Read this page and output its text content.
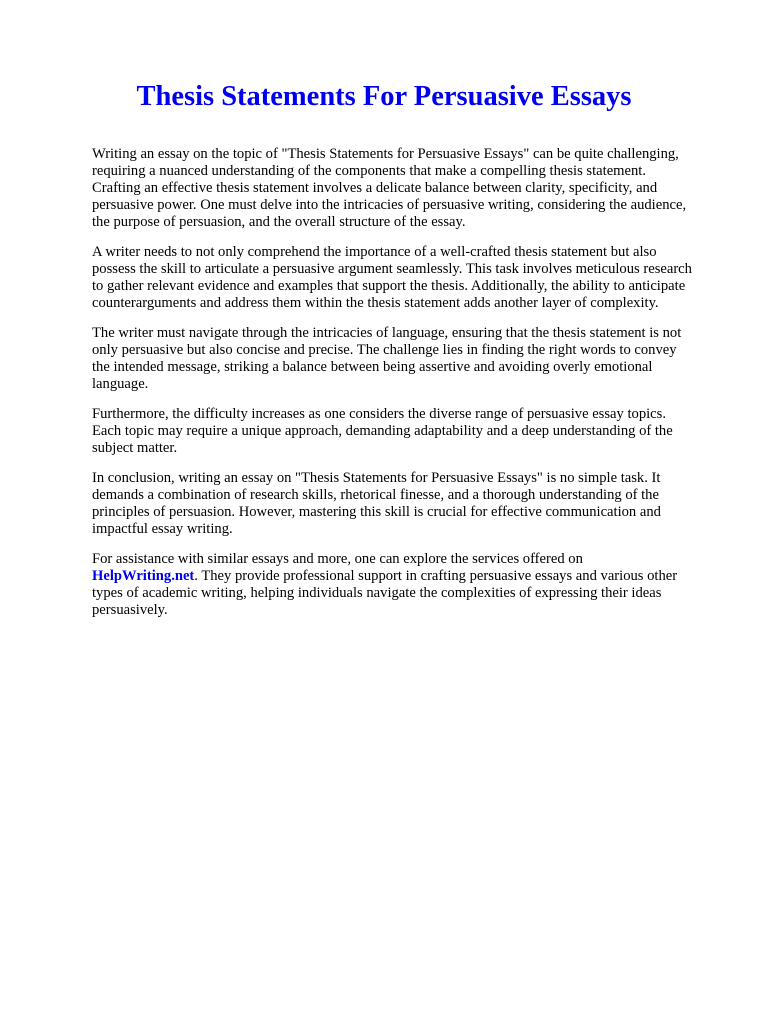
Thesis Statements For Persuasive Essays

Writing an essay on the topic of "Thesis Statements for Persuasive Essays" can be quite challenging,
requiring a nuanced understanding of the components that make a compelling thesis statement.
Crafting an effective thesis statement involves a delicate balance between clarity, specificity, and
persuasive power. One must delve into the intricacies of persuasive writing, considering the audience,
the purpose of persuasion, and the overall structure of the essay.

A writer needs to not only comprehend the importance of a well-crafted thesis statement but also
possess the skill to articulate a persuasive argument seamlessly. This task involves meticulous research
to gather relevant evidence and examples that support the thesis. Additionally, the ability to anticipate
counterarguments and address them within the thesis statement adds another layer of complexity.

The writer must navigate through the intricacies of language, ensuring that the thesis statement is not
only persuasive but also concise and precise. The challenge lies in finding the right words to convey
the intended message, striking a balance between being assertive and avoiding overly emotional
language.

Furthermore, the difficulty increases as one considers the diverse range of persuasive essay topics.
Each topic may require a unique approach, demanding adaptability and a deep understanding of the
subject matter.

In conclusion, writing an essay on "Thesis Statements for Persuasive Essays" is no simple task. It
demands a combination of research skills, rhetorical finesse, and a thorough understanding of the
principles of persuasion. However, mastering this skill is crucial for effective communication and
impactful essay writing.

For assistance with similar essays and more, one can explore the services offered on
HelpWriting.net. They provide professional support in crafting persuasive essays and various other
types of academic writing, helping individuals navigate the complexities of expressing their ideas
persuasively.
